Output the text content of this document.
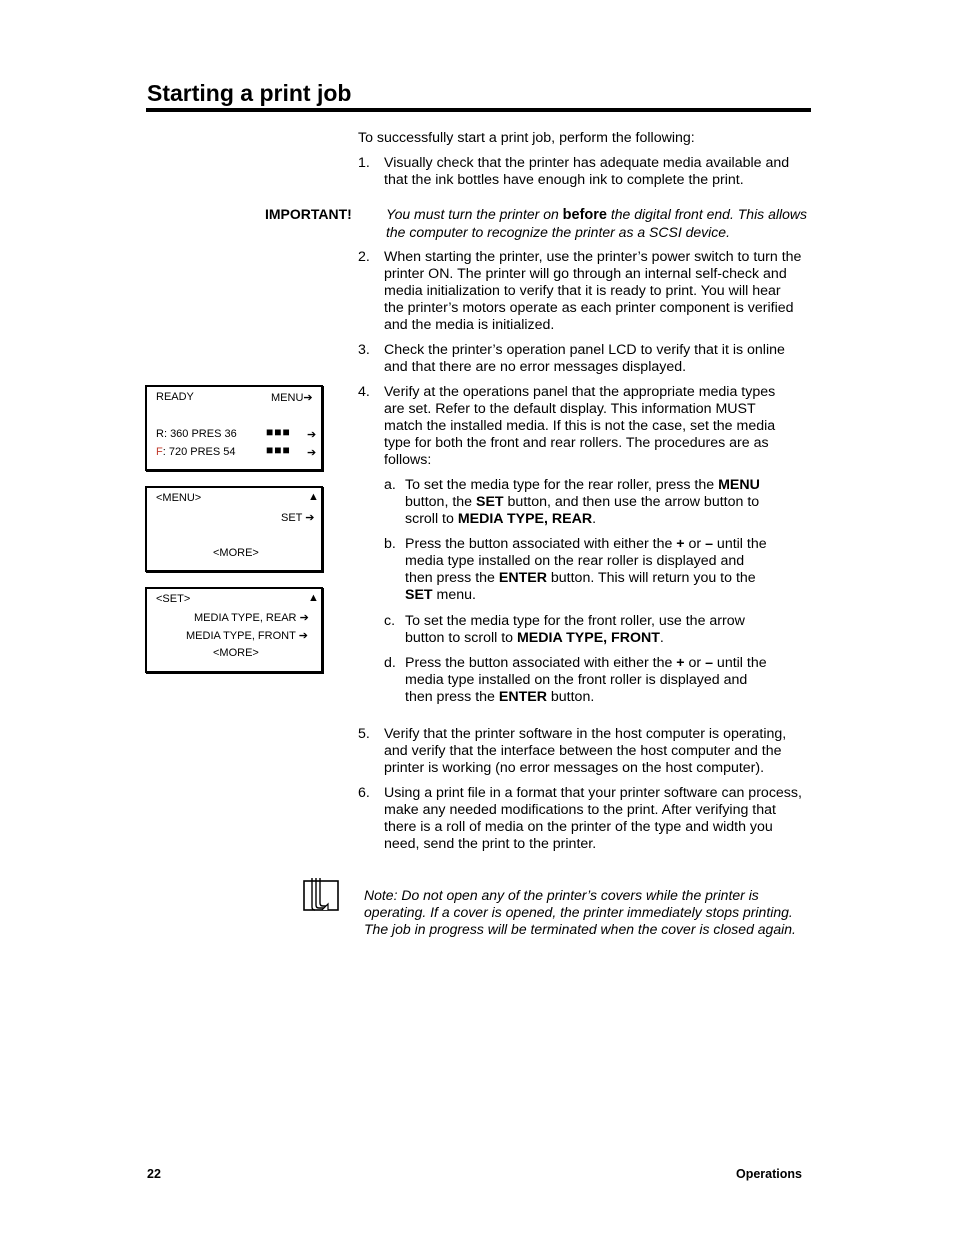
Starting a print job
To successfully start a print job, perform the following:
1. Visually check that the printer has adequate media available and that the ink bottles have enough ink to complete the print.
IMPORTANT! You must turn the printer on before the digital front end. This allows the computer to recognize the printer as a SCSI device.
2. When starting the printer, use the printer’s power switch to turn the printer ON. The printer will go through an internal self-check and media initialization to verify that it is ready to print. You will hear the printer’s motors operate as each printer component is verified and the media is initialized.
3. Check the printer’s operation panel LCD to verify that it is online and that there are no error messages displayed.
4. Verify at the operations panel that the appropriate media types are set. Refer to the default display. This information MUST match the installed media. If this is not the case, set the media type for both the front and rear rollers. The procedures are as follows:
a. To set the media type for the rear roller, press the MENU button, the SET button, and then use the arrow button to scroll to MEDIA TYPE, REAR.
b. Press the button associated with either the + or – until the media type installed on the rear roller is displayed and then press the ENTER button. This will return you to the SET menu.
c. To set the media type for the front roller, use the arrow button to scroll to MEDIA TYPE, FRONT.
d. Press the button associated with either the + or – until the media type installed on the front roller is displayed and then press the ENTER button.
5. Verify that the printer software in the host computer is operating, and verify that the interface between the host computer and the printer is working (no error messages on the host computer).
6. Using a print file in a format that your printer software can process, make any needed modifications to the print. After verifying that there is a roll of media on the printer of the type and width you need, send the print to the printer.
READY	MENU➔
R: 360 PRES 36 ■■■ ➔
F: 720 PRES 54	■■■ ➔
<MENU>	▲
SET ➔
<MORE>
<SET>	▲
MEDIA TYPE, REAR ➔
MEDIA TYPE, FRONT ➔
<MORE>
Note: Do not open any of the printer’s covers while the printer is operating. If a cover is opened, the printer immediately stops printing. The job in progress will be terminated when the cover is closed again.
22	Operations
